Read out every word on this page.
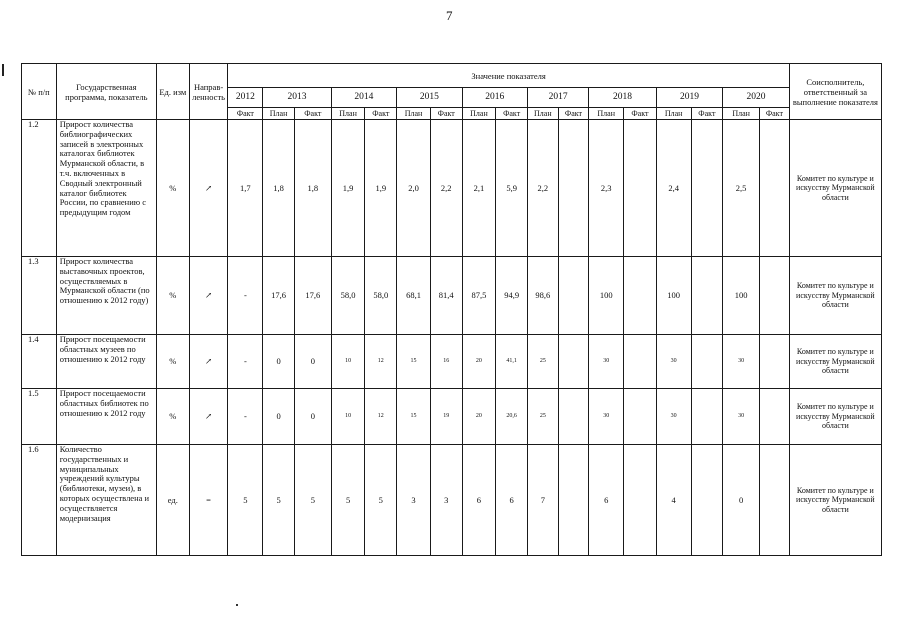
7
№ п/п	Государственная программа, показатель	Ед. изм	Направ-ленность	Значение показателя																	Соисполнитель, ответственный за выполнение показателя
				2012	2013		2014		2015		2016		2017		2018		2019		2020		
				Факт	План	Факт	План	Факт	План	Факт	План	Факт	План	Факт	План	Факт	План	Факт	План	Факт	
1.2	Прирост количества библиографических записей в электронных каталогах библиотек Мурманской области, в т.ч. включенных в Сводный электронный каталог библиотек России, по сравнению с предыдущим годом	%	↗	1,7	1,8	1,8	1,9	1,9	2,0	2,2	2,1	5,9	2,2		2,3		2,4		2,5		Комитет по культуре и искусству Мурманской области
1.3	Прирост количества выставочных проектов, осуществляемых в Мурманской области (по отношению к 2012 году)	%	↗	-	17,6	17,6	58,0	58,0	68,1	81,4	87,5	94,9	98,6		100		100		100		Комитет по культуре и искусству Мурманской области
1.4	Прирост посещаемости областных музеев по отношению к 2012 году	%	↗	-	0	0	10	12	15	16	20	41,1	25		30		30		30		Комитет по культуре и искусству Мурманской области
1.5	Прирост посещаемости областных библиотек по отношению к 2012 году	%	↗	-	0	0	10	12	15	19	20	20,6	25		30		30		30		Комитет по культуре и искусству Мурманской области
1.6	Количество государственных и муниципальных учреждений культуры (библиотеки, музеи), в которых осуществлена и осуществляется модернизация	ед.	=	5	5	5	5	5	3	3	6	6	7		6		4		0		Комитет по культуре и искусству Мурманской области
